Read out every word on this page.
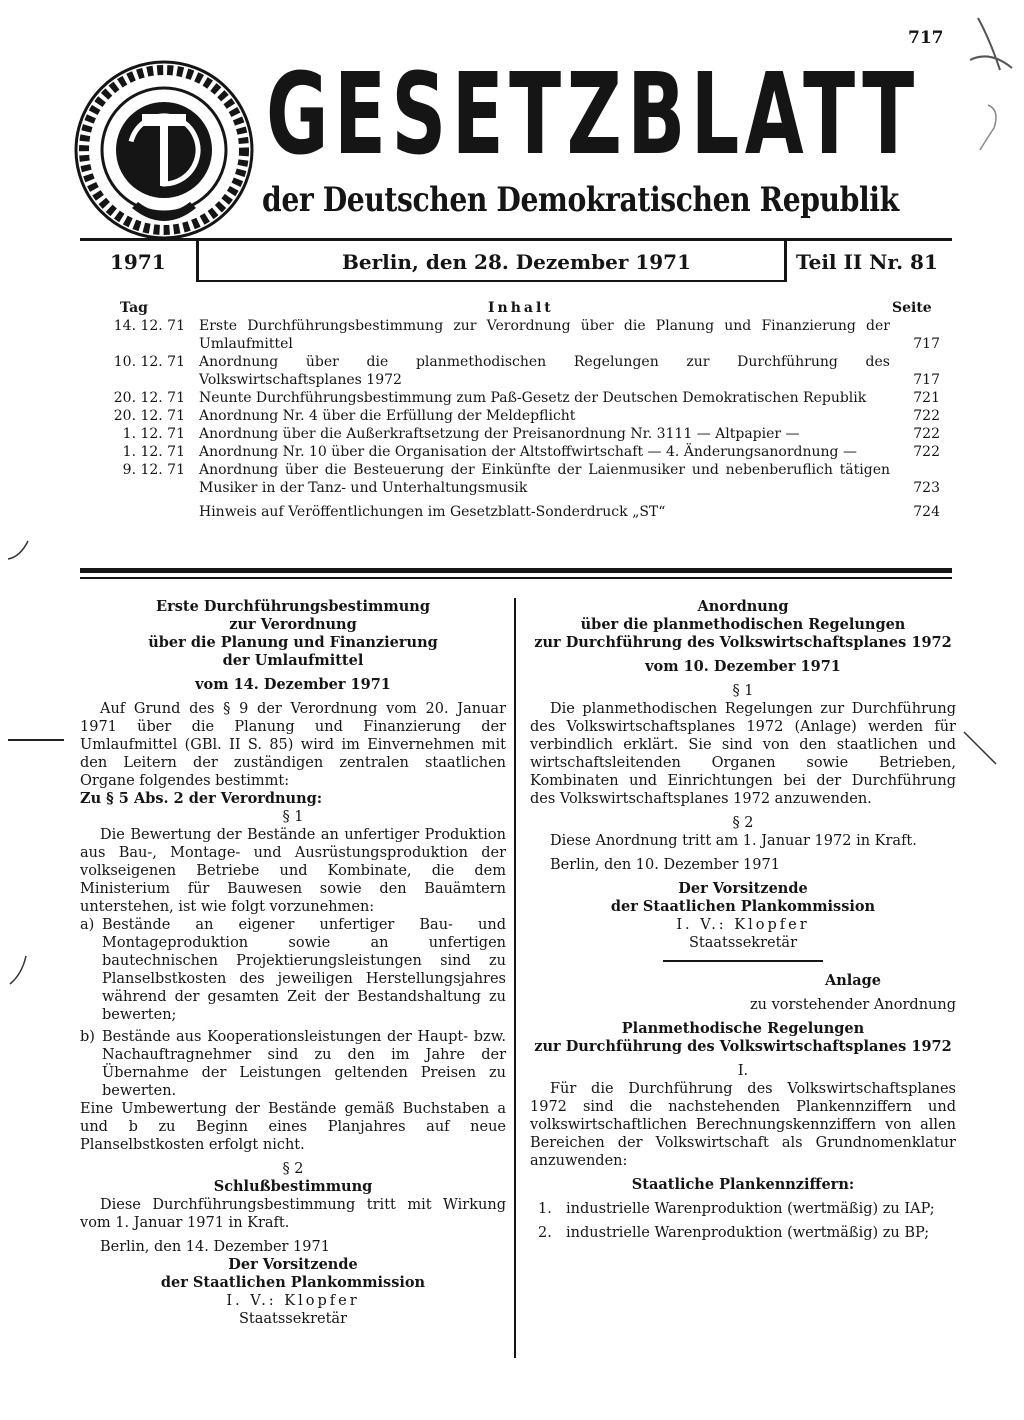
717
GESETZBLATT
der Deutschen Demokratischen Republik
1971	Berlin, den 28. Dezember 1971	Teil II Nr. 81
Tag	Inhalt	Seite
14. 12. 71	Erste Durchführungsbestimmung zur Verordnung über die Planung und Finanzierung der Umlaufmittel	717
10. 12. 71	Anordnung über die planmethodischen Regelungen zur Durchführung des Volkswirtschaftsplanes 1972	717
20. 12. 71	Neunte Durchführungsbestimmung zum Paß-Gesetz der Deutschen Demokratischen Republik	721
20. 12. 71	Anordnung Nr. 4 über die Erfüllung der Meldepflicht	722
1. 12. 71	Anordnung über die Außerkraftsetzung der Preisanordnung Nr. 3111 — Altpapier —	722
1. 12. 71	Anordnung Nr. 10 über die Organisation der Altstoffwirtschaft — 4. Änderungsanordnung —	722
9. 12. 71	Anordnung über die Besteuerung der Einkünfte der Laienmusiker und nebenberuflich tätigen Musiker in der Tanz- und Unterhaltungsmusik	723
Hinweis auf Veröffentlichungen im Gesetzblatt-Sonderdruck „ST“	724

Erste Durchführungsbestimmung

zur Verordnung

über die Planung und Finanzierung

der Umlaufmittel

vom 14. Dezember 1971

Auf Grund des § 9 der Verordnung vom 20. Januar 1971 über die Planung und Finanzierung der Umlaufmittel (GBl. II S. 85) wird im Einvernehmen mit den Leitern der zuständigen zentralen staatlichen Organe folgendes bestimmt:

Zu § 5 Abs. 2 der Verordnung:

§ 1

Die Bewertung der Bestände an unfertiger Produktion aus Bau-, Montage- und Ausrüstungsproduktion der volkseigenen Betriebe und Kombinate, die dem Ministerium für Bauwesen sowie den Bauämtern unterstehen, ist wie folgt vorzunehmen:

a) Bestände an eigener unfertiger Bau- und Montageproduktion sowie an unfertigen bautechnischen Projektierungsleistungen sind zu Planselbstkosten des jeweiligen Herstellungsjahres während der gesamten Zeit der Bestandshaltung zu bewerten;
b) Bestände aus Kooperationsleistungen der Haupt- bzw. Nachauftragnehmer sind zu den im Jahre der Übernahme der Leistungen geltenden Preisen zu bewerten.

Eine Umbewertung der Bestände gemäß Buchstaben a und b zu Beginn eines Planjahres auf neue Planselbstkosten erfolgt nicht.

§ 2

Schlußbestimmung

Diese Durchführungsbestimmung tritt mit Wirkung vom 1. Januar 1971 in Kraft.

Berlin, den 14. Dezember 1971

Der Vorsitzende

der Staatlichen Plankommission

I. V.: Klopfer

Staatssekretär

Anordnung

über die planmethodischen Regelungen

zur Durchführung des Volkswirtschaftsplanes 1972

vom 10. Dezember 1971

§ 1

Die planmethodischen Regelungen zur Durchführung des Volkswirtschaftsplanes 1972 (Anlage) werden für verbindlich erklärt. Sie sind von den staatlichen und wirtschaftsleitenden Organen sowie Betrieben, Kombinaten und Einrichtungen bei der Durchführung des Volkswirtschaftsplanes 1972 anzuwenden.

§ 2

Diese Anordnung tritt am 1. Januar 1972 in Kraft.

Berlin, den 10. Dezember 1971

Der Vorsitzende

der Staatlichen Plankommission

I. V.: Klopfer

Staatssekretär

Anlage

zu vorstehender Anordnung

Planmethodische Regelungen

zur Durchführung des Volkswirtschaftsplanes 1972

I.

Für die Durchführung des Volkswirtschaftsplanes 1972 sind die nachstehenden Plankennziffern und volkswirtschaftlichen Berechnungskennziffern von allen Bereichen der Volkswirtschaft als Grundnomenklatur anzuwenden:

Staatliche Plankennziffern:

1. industrielle Warenproduktion (wertmäßig) zu IAP;
2. industrielle Warenproduktion (wertmäßig) zu BP;
